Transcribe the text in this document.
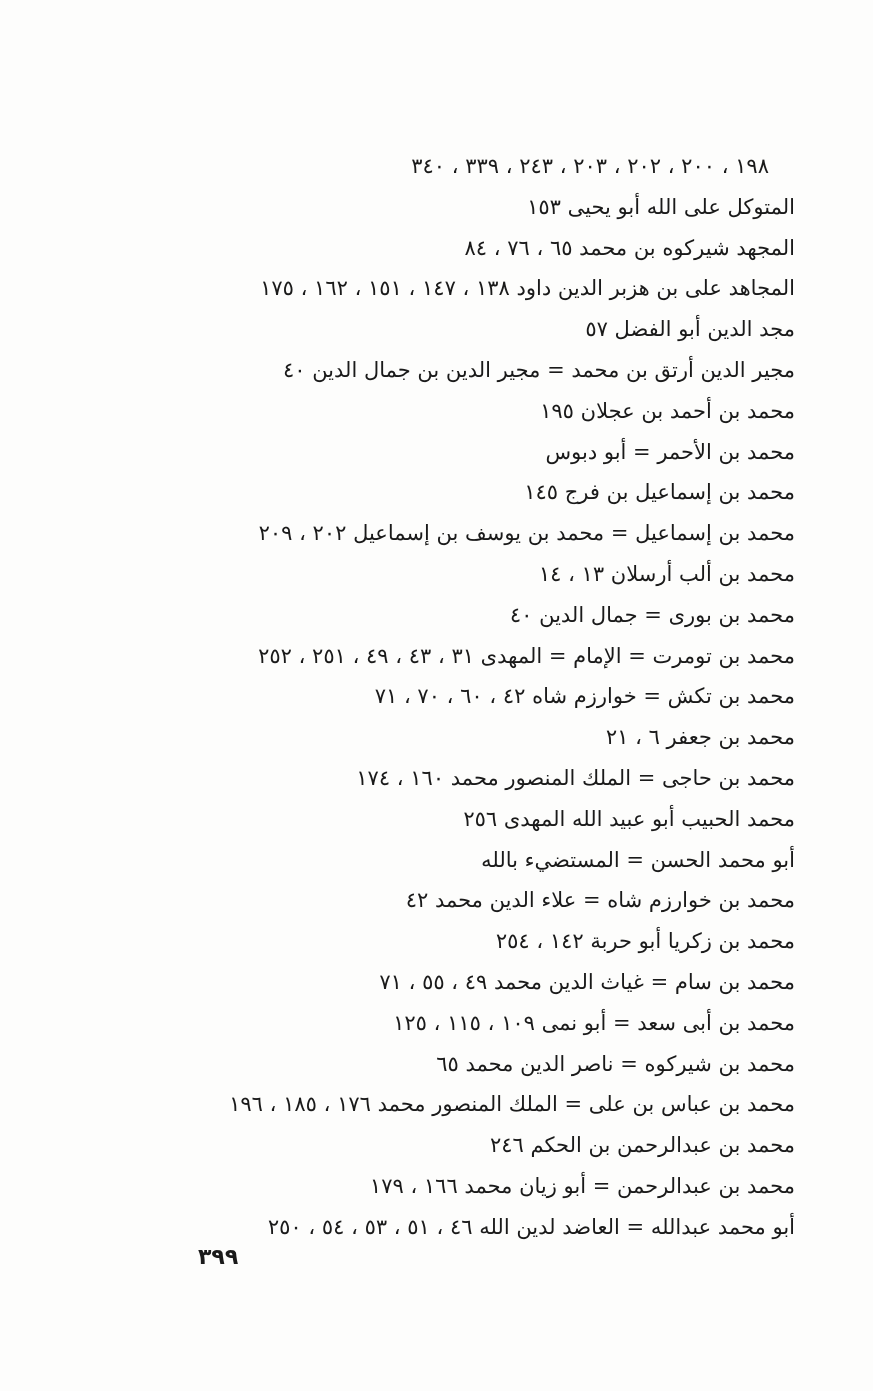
١٩٨ ، ٢٠٠ ، ٢٠٢ ، ٢٠٣ ، ٢٤٣ ، ٣٣٩ ، ٣٤٠
المتوكل على الله أبو يحيى ١٥٣
المجهد شيركوه بن محمد ٦٥ ، ٧٦ ، ٨٤
المجاهد على بن هزبر الدين داود ١٣٨ ، ١٤٧ ، ١٥١ ، ١٦٢ ، ١٧٥
مجد الدين أبو الفضل ٥٧
مجير الدين أرتق بن محمد = مجير الدين بن جمال الدين ٤٠
محمد بن أحمد بن عجلان ١٩٥
محمد بن الأحمر = أبو دبوس
محمد بن إسماعيل بن فرج ١٤٥
محمد بن إسماعيل = محمد بن يوسف بن إسماعيل ٢٠٢ ، ٢٠٩
محمد بن ألب أرسلان ١٣ ، ١٤
محمد بن بورى = جمال الدين ٤٠
محمد بن تومرت = الإمام = المهدى ٣١ ، ٤٣ ، ٤٩ ، ٢٥١ ، ٢٥٢
محمد بن تكش = خوارزم شاه ٤٢ ، ٦٠ ، ٧٠ ، ٧١
محمد بن جعفر ٦ ، ٢١
محمد بن حاجى = الملك المنصور محمد ١٦٠ ، ١٧٤
محمد الحبيب أبو عبيد الله المهدى ٢٥٦
أبو محمد الحسن = المستضيء بالله
محمد بن خوارزم شاه = علاء الدين محمد ٤٢
محمد بن زكريا أبو حربة ١٤٢ ، ٢٥٤
محمد بن سام = غياث الدين محمد ٤٩ ، ٥٥ ، ٧١
محمد بن أبى سعد = أبو نمى ١٠٩ ، ١١٥ ، ١٢٥
محمد بن شيركوه = ناصر الدين محمد ٦٥
محمد بن عباس بن على = الملك المنصور محمد ١٧٦ ، ١٨٥ ، ١٩٦
محمد بن عبدالرحمن بن الحكم ٢٤٦
محمد بن عبدالرحمن = أبو زيان محمد ١٦٦ ، ١٧٩
أبو محمد عبدالله = العاضد لدين الله ٤٦ ، ٥١ ، ٥٣ ، ٥٤ ، ٢٥٠
٣٩٩
